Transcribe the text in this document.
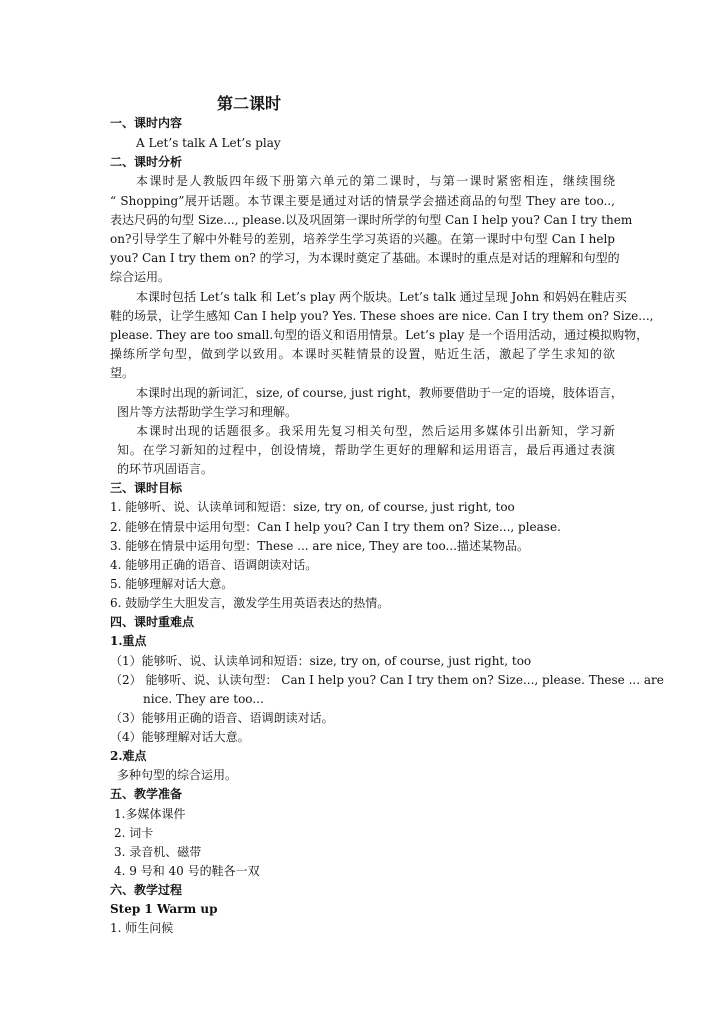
第二课时
一、课时内容
A Let’s talk A Let’s play
二、课时分析
本课时是人教版四年级下册第六单元的第二课时，与第一课时紧密相连，继续围绕
“ Shopping”展开话题。本节课主要是通过对话的情景学会描述商品的句型 They are too..,
表达尺码的句型 Size..., please.以及巩固第一课时所学的句型 Can I help you? Can I try them
on?引导学生了解中外鞋号的差别，培养学生学习英语的兴趣。在第一课时中句型 Can I help
you? Can I try them on? 的学习，为本课时奠定了基础。本课时的重点是对话的理解和句型的
综合运用。
本课时包括 Let’s talk 和 Let’s play 两个版块。Let’s talk 通过呈现 John 和妈妈在鞋店买
鞋的场景，让学生感知 Can I help you? Yes. These shoes are nice. Can I try them on? Size...,
please. They are too small.句型的语义和语用情景。Let’s play 是一个语用活动，通过模拟购物，
操练所学句型，做到学以致用。本课时买鞋情景的设置，贴近生活，激起了学生求知的欲
望。
本课时出现的新词汇，size, of course, just right，教师要借助于一定的语境，肢体语言，
图片等方法帮助学生学习和理解。
本课时出现的话题很多。我采用先复习相关句型，然后运用多媒体引出新知，学习新
知。在学习新知的过程中，创设情境，帮助学生更好的理解和运用语言，最后再通过表演
的环节巩固语言。
三、课时目标
1. 能够听、说、认读单词和短语：size, try on, of course, just right, too
2. 能够在情景中运用句型：Can I help you? Can I try them on? Size..., please.
3. 能够在情景中运用句型：These ... are nice, They are too...描述某物品。
4. 能够用正确的语音、语调朗读对话。
5. 能够理解对话大意。
6. 鼓励学生大胆发言，激发学生用英语表达的热情。
四、课时重难点
1.重点
（1）能够听、说、认读单词和短语：size, try on, of course, just right, too
（2） 能够听、说、认读句型： Can I help you? Can I try them on? Size..., please. These ... are
nice. They are too...
（3）能够用正确的语音、语调朗读对话。
（4）能够理解对话大意。
2.难点
多种句型的综合运用。
五、教学准备
1.多媒体课件
2. 词卡
3. 录音机、磁带
4. 9 号和 40 号的鞋各一双
六、教学过程
Step 1 Warm up
1. 师生问候
